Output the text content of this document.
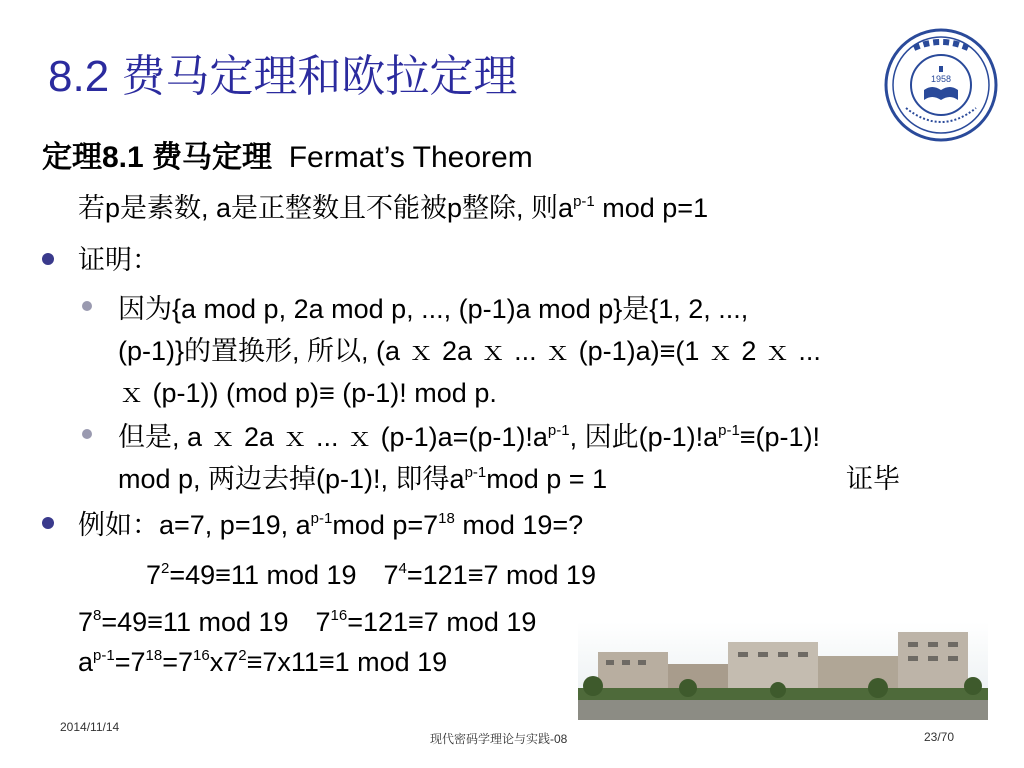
8.2 费马定理和欧拉定理	1958
定理8.1 费马定理 Fermat’s Theorem
若p是素数, a是正整数且不能被p整除, 则$a^{p-1}$ mod p=1
证明：
因为{a mod p, 2a mod p, ..., (p-1)a mod p}是{1, 2, ...,
(p-1)}的置换形, 所以, (a ｘ 2a ｘ ... ｘ (p-1)a)≡(1 ｘ 2 ｘ ...
ｘ (p-1)) (mod p)≡ (p-1)! mod p.
但是, a ｘ 2a ｘ ... ｘ $(p-1)a=(p-1)!a^{p-1}$, 因此$(p-1)!a^{p-1}\equiv(p-1)$!
mod p, 两边去掉(p-1)!, 即得$a^{p-1}mod$ p = 1	证毕
例如：a=7, p=19, $a^{p-1}mod$ $p=7^{18}$ mod 19=?
$7^2=49\equiv 11$ mod 19　$7^4=121\equiv 7$ mod 19
$7^8=49\equiv 11$ mod 19　$7^{16}=121\equiv 7$ mod 19
$a^{p-1}=7^{18}=7^{16}x7^2\equiv 7x11\equiv 1$ mod 19
2014/11/14
现代密码学理论与实践-08	23/70
